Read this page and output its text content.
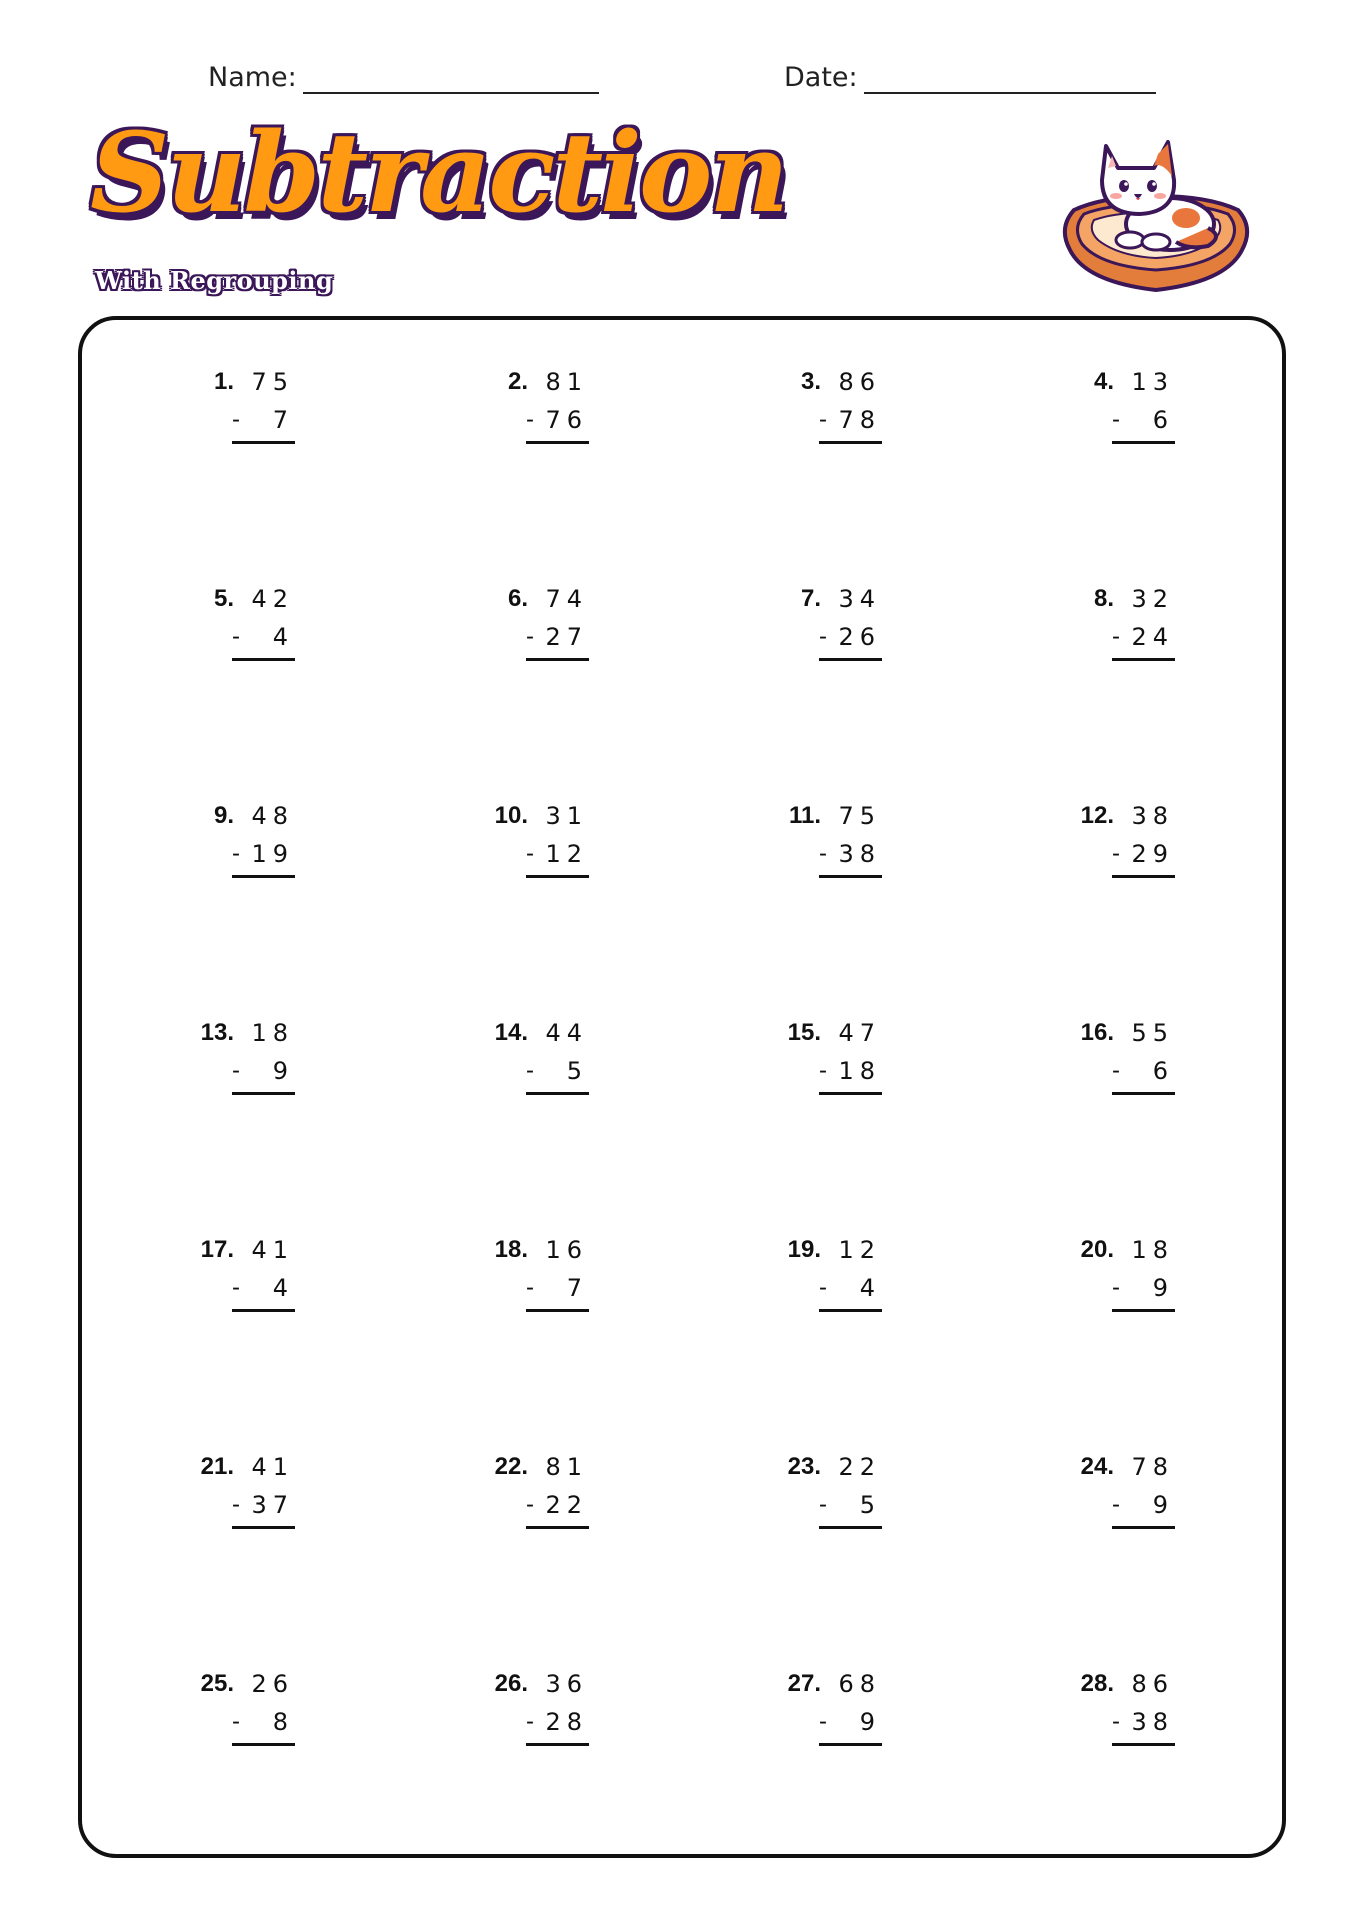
Name:	Date:
Subtraction
With Regrouping
1. 75
-	7
2. 81
- 76
3. 86
- 78
4. 13
-	6
5. 42
-	4
6. 74
- 27
7. 34
- 26
8. 32
- 24
9. 48
- 19
10. 31
- 12
11. 75
- 38
12. 38
- 29
13. 18
-	9
14. 44
-	5
15. 47
- 18
16. 55
-	6
17. 41
-	4
18. 16
-	7
19. 12
-	4
20. 18
-	9
21. 41
- 37
22. 81
- 22
23. 22
-	5
24. 78
-	9
25. 26
-	8
26. 36
- 28
27. 68
-	9
28. 86
- 38
